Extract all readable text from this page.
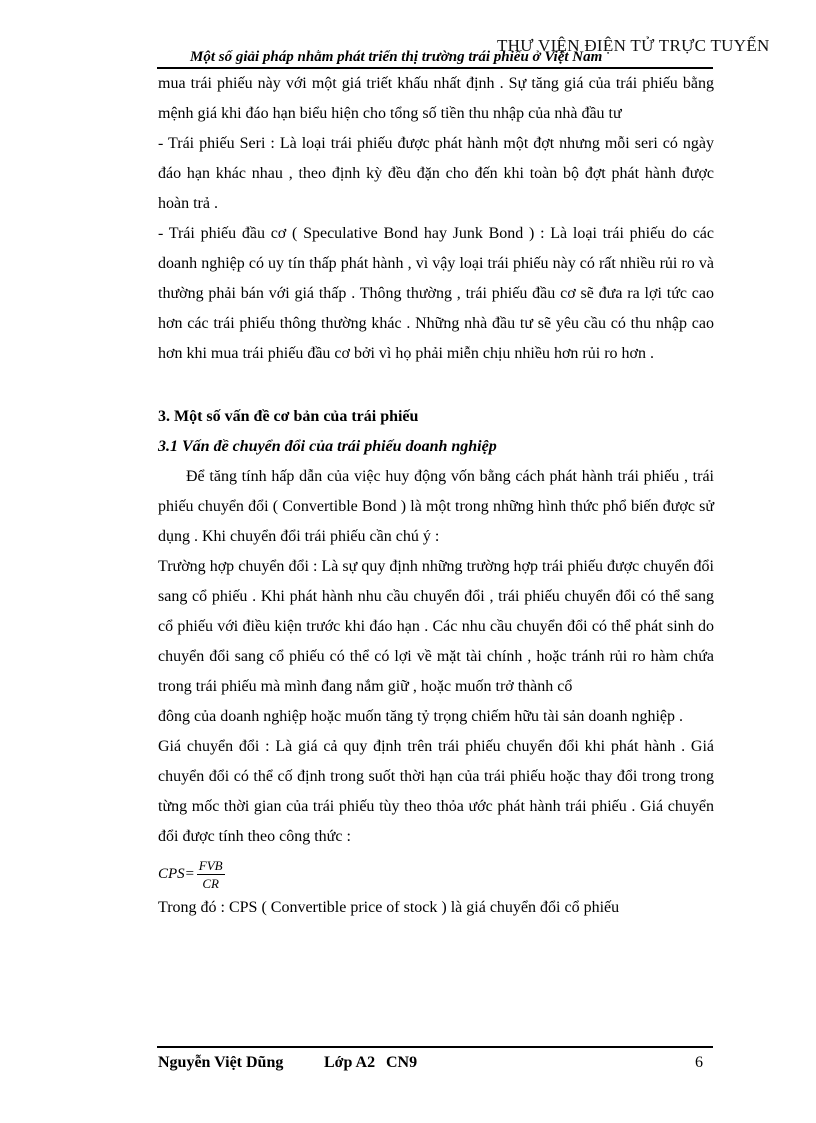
THƯ VIỆN ĐIỆN TỬ TRỰC TUYẾN
Một số giải pháp nhằm phát triển thị trường trái phiếu ở Việt Nam

mua trái phiếu này với một giá triết khấu nhất định . Sự tăng giá của trái phiếu bằng mệnh giá khi đáo hạn biểu hiện cho tổng số tiền thu nhập của nhà đầu tư

- Trái phiếu Seri : Là loại trái phiếu được phát hành một đợt nhưng mỗi seri có ngày đáo hạn khác nhau , theo định kỳ đều đặn cho đến khi toàn bộ đợt phát hành được hoàn trả .

- Trái phiếu đầu cơ ( Speculative Bond hay Junk Bond ) : Là loại trái phiếu do các doanh nghiệp có uy tín thấp phát hành , vì vậy loại trái phiếu này có rất nhiều rủi ro và thường phải bán với giá thấp . Thông thường , trái phiếu đầu cơ sẽ đưa ra lợi tức cao hơn các trái phiếu thông thường khác . Những nhà đầu tư sẽ yêu cầu có thu nhập cao hơn khi mua trái phiếu đầu cơ bởi vì họ phải miễn chịu nhiều hơn rủi ro hơn .

3. Một số vấn đề cơ bản của trái phiếu

3.1 Vấn đề chuyển đổi của trái phiếu doanh nghiệp

Để tăng tính hấp dẫn của việc huy động vốn bằng cách phát hành trái phiếu , trái phiếu chuyển đổi ( Convertible Bond ) là một trong những hình thức phổ biến được sử dụng . Khi chuyển đổi trái phiếu cần chú ý :

Trường hợp chuyển đổi : Là sự quy định những trường hợp trái phiếu được chuyển đổi sang cổ phiếu . Khi phát hành nhu cầu chuyển đổi , trái phiếu chuyển đổi có thể sang cổ phiếu với điều kiện trước khi đáo hạn . Các nhu cầu chuyển đổi có thể phát sinh do chuyển đổi sang cổ phiếu có thể có lợi về mặt tài chính , hoặc tránh rủi ro hàm chứa trong trái phiếu mà mình đang nắm giữ , hoặc muốn trở thành cổ

đông của doanh nghiệp hoặc muốn tăng tỷ trọng chiếm hữu tài sản doanh nghiệp .

Giá chuyển đổi : Là giá cả quy định trên trái phiếu chuyển đổi khi phát hành . Giá chuyển đổi có thể cố định trong suốt thời hạn của trái phiếu hoặc thay đổi trong trong từng mốc thời gian của trái phiếu tùy theo thỏa ước phát hành trái phiếu . Giá chuyển đổi được tính theo công thức :

CPS = $\frac{\text{FVB}}{CR}$

Trong đó : CPS ( Convertible price of stock ) là giá chuyển đổi cổ phiếu

Nguyễn Việt Dũng	Lớp A2 CN9	6
